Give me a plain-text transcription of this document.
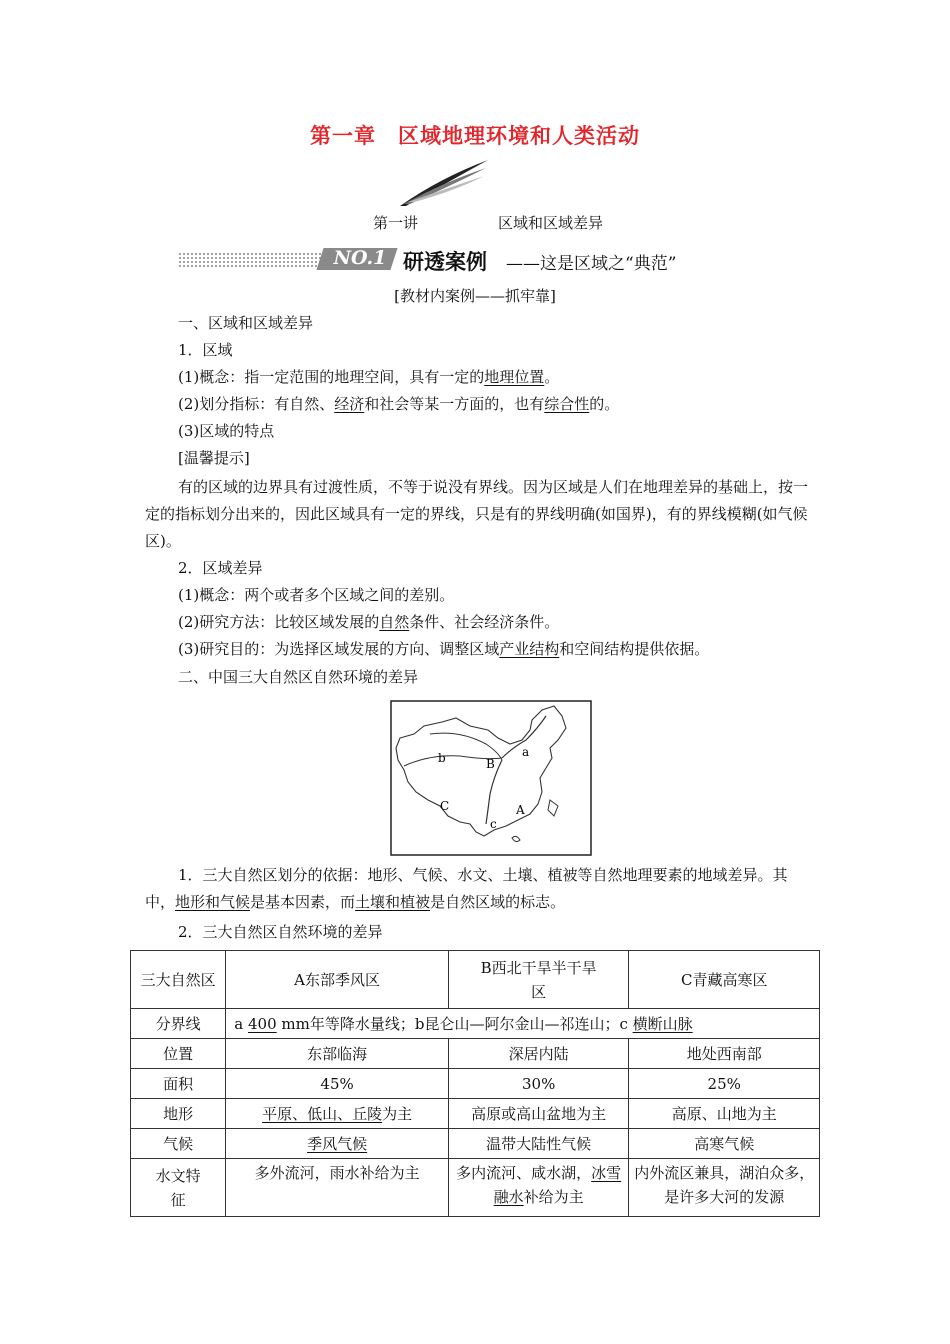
第一章　区域地理环境和人类活动
第一讲	区域和区域差异
NO.1 研透案例 ——这是区域之“典范”
[教材内案例——抓牢靠]
一、区域和区域差异
1．区域
(1)概念：指一定范围的地理空间，具有一定的地理位置。
(2)划分指标：有自然、经济和社会等某一方面的，也有综合性的。
(3)区域的特点
[温馨提示]
有的区域的边界具有过渡性质，不等于说没有界线。因为区域是人们在地理差异的基础上，按一定的指标划分出来的，因此区域具有一定的界线，只是有的界线明确(如国界)，有的界线模糊(如气候区)。
2．区域差异
(1)概念：两个或者多个区域之间的差别。
(2)研究方法：比较区域发展的自然条件、社会经济条件。
(3)研究目的：为选择区域发展的方向、调整区域产业结构和空间结构提供依据。
二、中国三大自然区自然环境的差异
a
b
c
A
B
C
1．三大自然区划分的依据：地形、气候、水文、土壤、植被等自然地理要素的地域差异。其中，地形和气候是基本因素，而土壤和植被是自然区域的标志。
2．三大自然区自然环境的差异
三大自然区	A东部季风区	B西北干旱半干旱区	C青藏高寒区
分界线	a 400 mm年等降水量线；b昆仑山—阿尔金山—祁连山；c 横断山脉		
位置	东部临海	深居内陆	地处西南部
面积	45%	30%	25%
地形	平原、低山、丘陵为主	高原或高山盆地为主	高原、山地为主
气候	季风气候	温带大陆性气候	高寒气候
水文特征	多外流河，雨水补给为主	多内流河、咸水湖，冰雪融水补给为主	内外流区兼具，湖泊众多，是许多大河的发源
